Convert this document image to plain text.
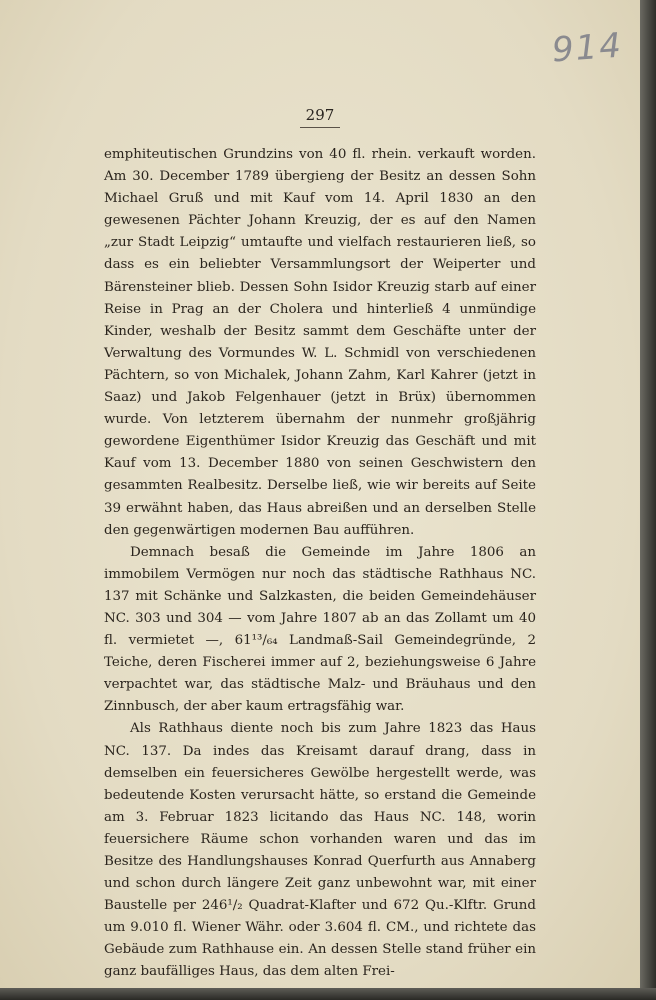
914
297

emphiteutischen Grundzins von 40 fl. rhein. verkauft worden. Am 30. December 1789 übergieng der Besitz an dessen Sohn Michael Gruß und mit Kauf vom 14. April 1830 an den gewesenen Pächter Johann Kreuzig, der es auf den Namen „zur Stadt Leipzig“ umtaufte und vielfach restaurieren ließ, so dass es ein beliebter Versammlungsort der Weiperter und Bärensteiner blieb. Dessen Sohn Isidor Kreuzig starb auf einer Reise in Prag an der Cholera und hinterließ 4 unmündige Kinder, weshalb der Besitz sammt dem Geschäfte unter der Verwaltung des Vormundes W. L. Schmidl von verschiedenen Pächtern, so von Michalek, Johann Zahm, Karl Kahrer (jetzt in Saaz) und Jakob Felgenhauer (jetzt in Brüx) übernommen wurde. Von letzterem übernahm der nunmehr großjährig gewordene Eigenthümer Isidor Kreuzig das Geschäft und mit Kauf vom 13. December 1880 von seinen Geschwistern den gesammten Realbesitz. Derselbe ließ, wie wir bereits auf Seite 39 erwähnt haben, das Haus abreißen und an derselben Stelle den gegenwärtigen modernen Bau aufführen.

Demnach besaß die Gemeinde im Jahre 1806 an immobilem Vermögen nur noch das städtische Rathhaus NC. 137 mit Schänke und Salzkasten, die beiden Gemeindehäuser NC. 303 und 304 — vom Jahre 1807 ab an das Zollamt um 40 fl. vermietet —, 61¹³/₆₄ Landmaß-Sail Gemeindegründe, 2 Teiche, deren Fischerei immer auf 2, beziehungsweise 6 Jahre verpachtet war, das städtische Malz- und Bräuhaus und den Zinnbusch, der aber kaum ertragsfähig war.

Als Rathhaus diente noch bis zum Jahre 1823 das Haus NC. 137. Da indes das Kreisamt darauf drang, dass in demselben ein feuersicheres Gewölbe hergestellt werde, was bedeutende Kosten verursacht hätte, so erstand die Gemeinde am 3. Februar 1823 licitando das Haus NC. 148, worin feuersichere Räume schon vorhanden waren und das im Besitze des Handlungshauses Konrad Querfurth aus Annaberg und schon durch längere Zeit ganz unbewohnt war, mit einer Baustelle per 246¹/₂ Quadrat-Klafter und 672 Qu.-Klftr. Grund um 9.010 fl. Wiener Währ. oder 3.604 fl. CM., und richtete das Gebäude zum Rathhause ein. An dessen Stelle stand früher ein ganz baufälliges Haus, das dem alten Frei-
